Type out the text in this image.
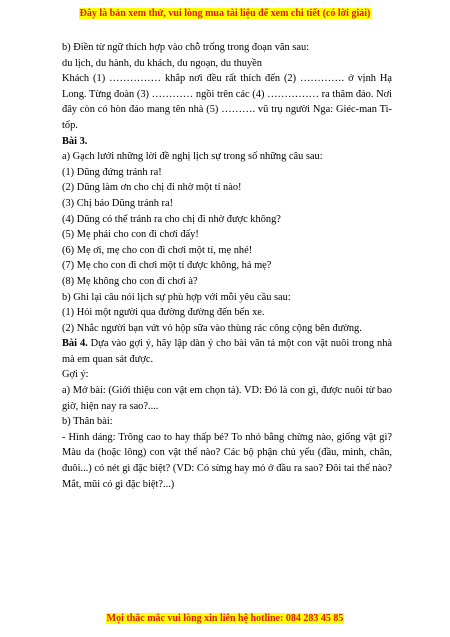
Đây là bản xem thử, vui lòng mua tài liệu để xem chi tiết (có lời giải)

b) Điền từ ngữ thích hợp vào chỗ trống trong đoạn văn sau:

du lịch, du hành, du khách, du ngoạn, du thuyền

Khách (1) …………… khắp nơi đều rất thích đến (2) …………. ở vịnh Hạ Long. Từng đoàn (3) ………… ngồi trên các (4) …………… ra thăm đảo. Nơi đây còn có hòn đảo mang tên nhà (5) ………. vũ trụ người Nga: Giéc-man Ti-tốp.

Bài 3.

a) Gạch lưới những lời đề nghị lịch sự trong số những câu sau:

(1) Dũng đứng tránh ra!

(2) Dũng làm ơn cho chị đi nhờ một tí nào!

(3) Chị bảo Dũng tránh ra!

(4) Dũng có thể tránh ra cho chị đi nhờ được không?

(5) Mẹ phải cho con đi chơi đấy!

(6) Mẹ ơi, mẹ cho con đi chơi một tí, mẹ nhé!

(7) Mẹ cho con đi chơi một tí được không, hả mẹ?

(8) Mẹ không cho con đi chơi à?

b) Ghi lại câu nói lịch sự phù hợp với mỗi yêu cầu sau:

(1) Hỏi một người qua đường đường đến bến xe.

(2) Nhắc người bạn vứt vỏ hộp sữa vào thùng rác công cộng bên đường.

Bài 4. Dựa vào gợi ý, hãy lập dàn ý cho bài văn tả một con vật nuôi trong nhà mà em quan sát được.

Gợi ý:

a) Mở bài: (Giới thiệu con vật em chọn tả). VD: Đó là con gì, được nuôi từ bao giờ, hiện nay ra sao?....

b) Thân bài:

- Hình dáng: Trông cao to hay thấp bé? To nhỏ bằng chừng nào, giống vật gì? Màu da (hoặc lông) con vật thế nào? Các bộ phận chủ yếu (đầu, mình, chân, đuôi...) có nét gì đặc biệt? (VD: Có sừng hay mỏ ở đầu ra sao? Đôi tai thế nào? Mắt, mũi có gì đặc biệt?...)

Mọi thắc mắc vui lòng xin liên hệ hotline: 084 283 45 85
